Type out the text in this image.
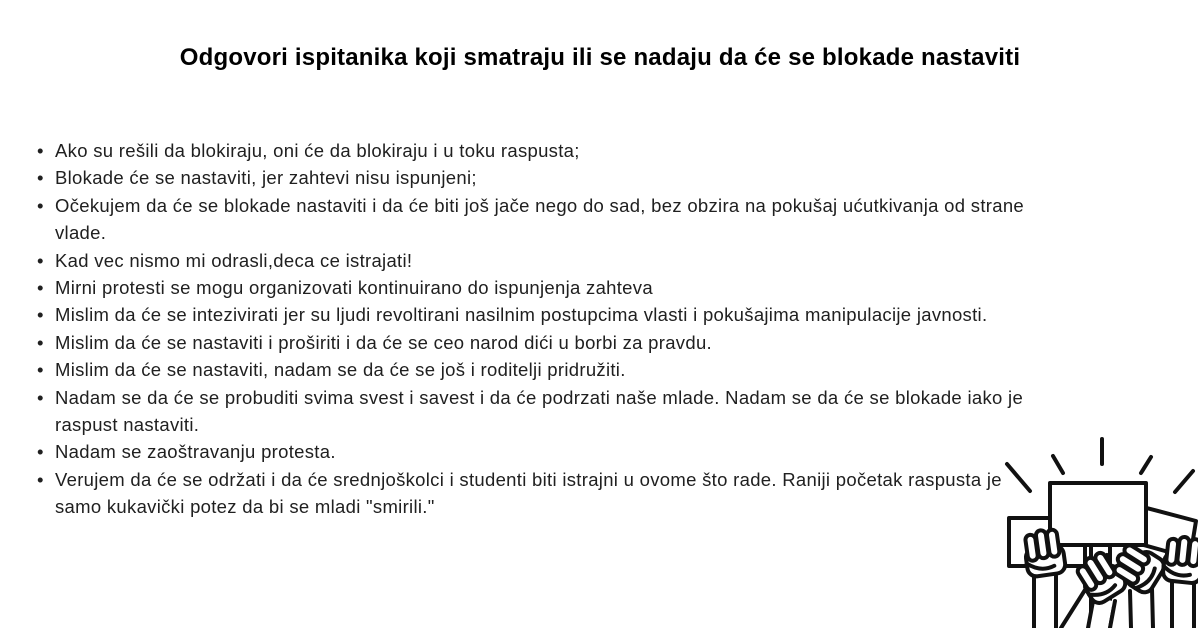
Odgovori ispitanika koji smatraju ili se nadaju da će se blokade nastaviti
• Ako su rešili da blokiraju, oni će da blokiraju i u toku raspusta;
• Blokade će se nastaviti, jer zahtevi nisu ispunjeni;
• Očekujem da će se blokade nastaviti i da će biti još jače nego do sad, bez obzira na pokušaj ućutkivanja od strane vlade.
• Kad vec nismo mi odrasli,deca ce istrajati!
• Mirni protesti se mogu organizovati kontinuirano do ispunjenja zahteva
• Mislim da će se intezivirati jer su ljudi revoltirani nasilnim postupcima vlasti i pokušajima manipulacije javnosti.
• Mislim da će se nastaviti i proširiti i da će se ceo narod dići u borbi za pravdu.
• Mislim da će se nastaviti, nadam se da će se još i roditelji pridružiti.
• Nadam se da će se probuditi svima svest i savest i da će podrzati naše mlade. Nadam se da će se blokade iako je raspust nastaviti.
• Nadam se zaoštravanju protesta.
• Verujem da će se održati i da će srednjoškolci i studenti biti istrajni u ovome što rade. Raniji početak raspusta je samo kukavički potez da bi se mladi "smirili."
